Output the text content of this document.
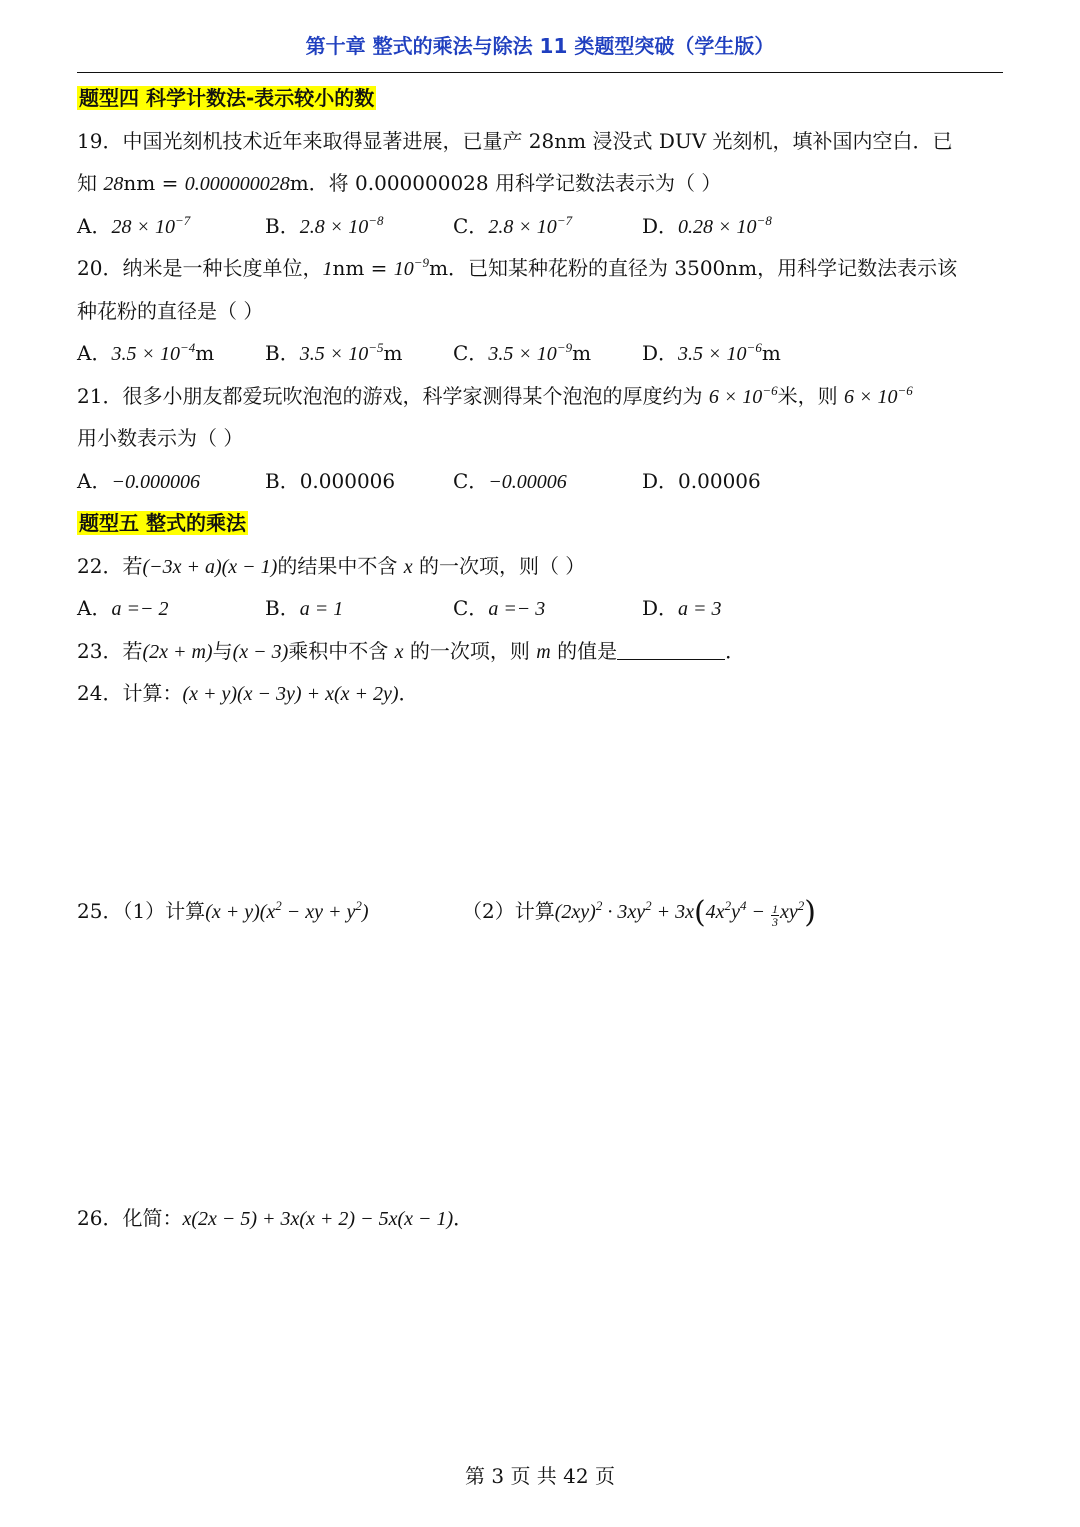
第十章 整式的乘法与除法 11 类题型突破（学生版）
题型四 科学计数法-表示较小的数
19．中国光刻机技术近年来取得显著进展，已量产 28nm 浸没式 DUV 光刻机，填补国内空白．已
知 28nm = 0.000000028m．将 0.000000028 用科学记数法表示为（ ）
A．$28 \times 10^{-7}$	B．$2.8 \times 10^{-8}$	C．$2.8 \times 10^{-7}$	D．$0.28 \times 10^{-8}$
20．纳米是一种长度单位，$1nm = 10^{-9}m$．已知某种花粉的直径为 3500nm，用科学记数法表示该
种花粉的直径是（ ）
A．$3.5 \times 10^{-4}m$	B．$3.5 \times 10^{-5}m$	C．$3.5 \times 10^{-9}m$	D．$3.5 \times 10^{-6}m$
21．很多小朋友都爱玩吹泡泡的游戏，科学家测得某个泡泡的厚度约为 $6 \times 10^{-6}$米，则 $6 \times 10^{-6}$
用小数表示为（ ）
A．−0.000006	B．0.000006	C．−0.00006	D．0.00006
题型五 整式的乘法
22．若(−3x + a)(x − 1)的结果中不含 x 的一次项，则（ ）
A．a =− 2	B．a = 1	C．a =− 3	D．a = 3
23．若(2x + m)与(x − 3)乘积中不含 x 的一次项，则 m 的值是	．
24．计算：(x + y)(x − 3y) + x(x + 2y)．
25．（1）计算$(x + y)(x^2$ − xy + $y^2$)	（2）计算$(2xy)^2 \cdot 3xy^2 + 3x(4x^2y^4 - \frac{1}{3} xy^2)$
26．化简：x(2x − 5) + 3x(x + 2) − 5x(x − 1)．
第 3 页 共 42 页
